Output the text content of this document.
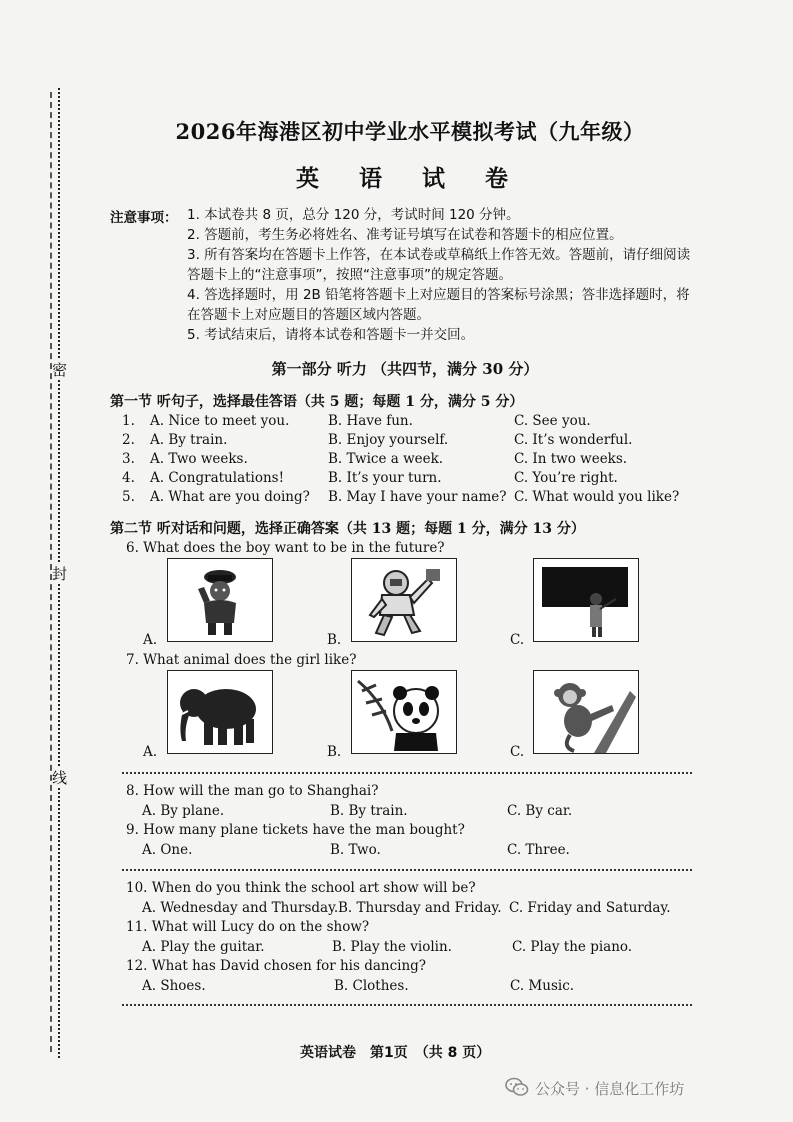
密
封
线
2026年海港区初中学业水平模拟考试（九年级）
英 语 试 卷
注意事项： 1. 本试卷共 8 页，总分 120 分，考试时间 120 分钟。

2. 答题前，考生务必将姓名、准考证号填写在试卷和答题卡的相应位置。

3. 所有答案均在答题卡上作答，在本试卷或草稿纸上作答无效。答题前，请仔细阅读答题卡上的“注意事项”，按照“注意事项”的规定答题。

4. 答选择题时，用 2B 铅笔将答题卡上对应题目的答案标号涂黑；答非选择题时，将在答题卡上对应题目的答题区域内答题。

5. 考试结束后，请将本试卷和答题卡一并交回。

第一部分 听力 （共四节，满分 30 分）
第一节 听句子，选择最佳答语（共 5 题；每题 1 分，满分 5 分）
1. A. Nice to meet you.	B. Have fun.	C. See you.
2. A. By train.	B. Enjoy yourself.	C. It’s wonderful.
3. A. Two weeks.	B. Twice a week.	C. In two weeks.
4. A. Congratulations!	B. It’s your turn.	C. You’re right.
5. A. What are you doing? B. May I have your name? C. What would you like?
第二节 听对话和问题，选择正确答案（共 13 题；每题 1 分，满分 13 分）
6. What does the boy want to be in the future?
A.	B.	C.
7. What animal does the girl like?
A.	B.	C.
8. How will the man go to Shanghai?
A. By plane.	B. By train.	C. By car.
9. How many plane tickets have the man bought?
A. One.	B. Two.	C. Three.
10. When do you think the school art show will be?
A. Wednesday and Thursday. B. Thursday and Friday. C. Friday and Saturday.
11. What will Lucy do on the show?
A. Play the guitar.	B. Play the violin.	C. Play the piano.
12. What has David chosen for his dancing?
A. Shoes.	B. Clothes.	C. Music.
英语试卷　第1页　（共 8 页）
公众号 · 信息化工作坊
